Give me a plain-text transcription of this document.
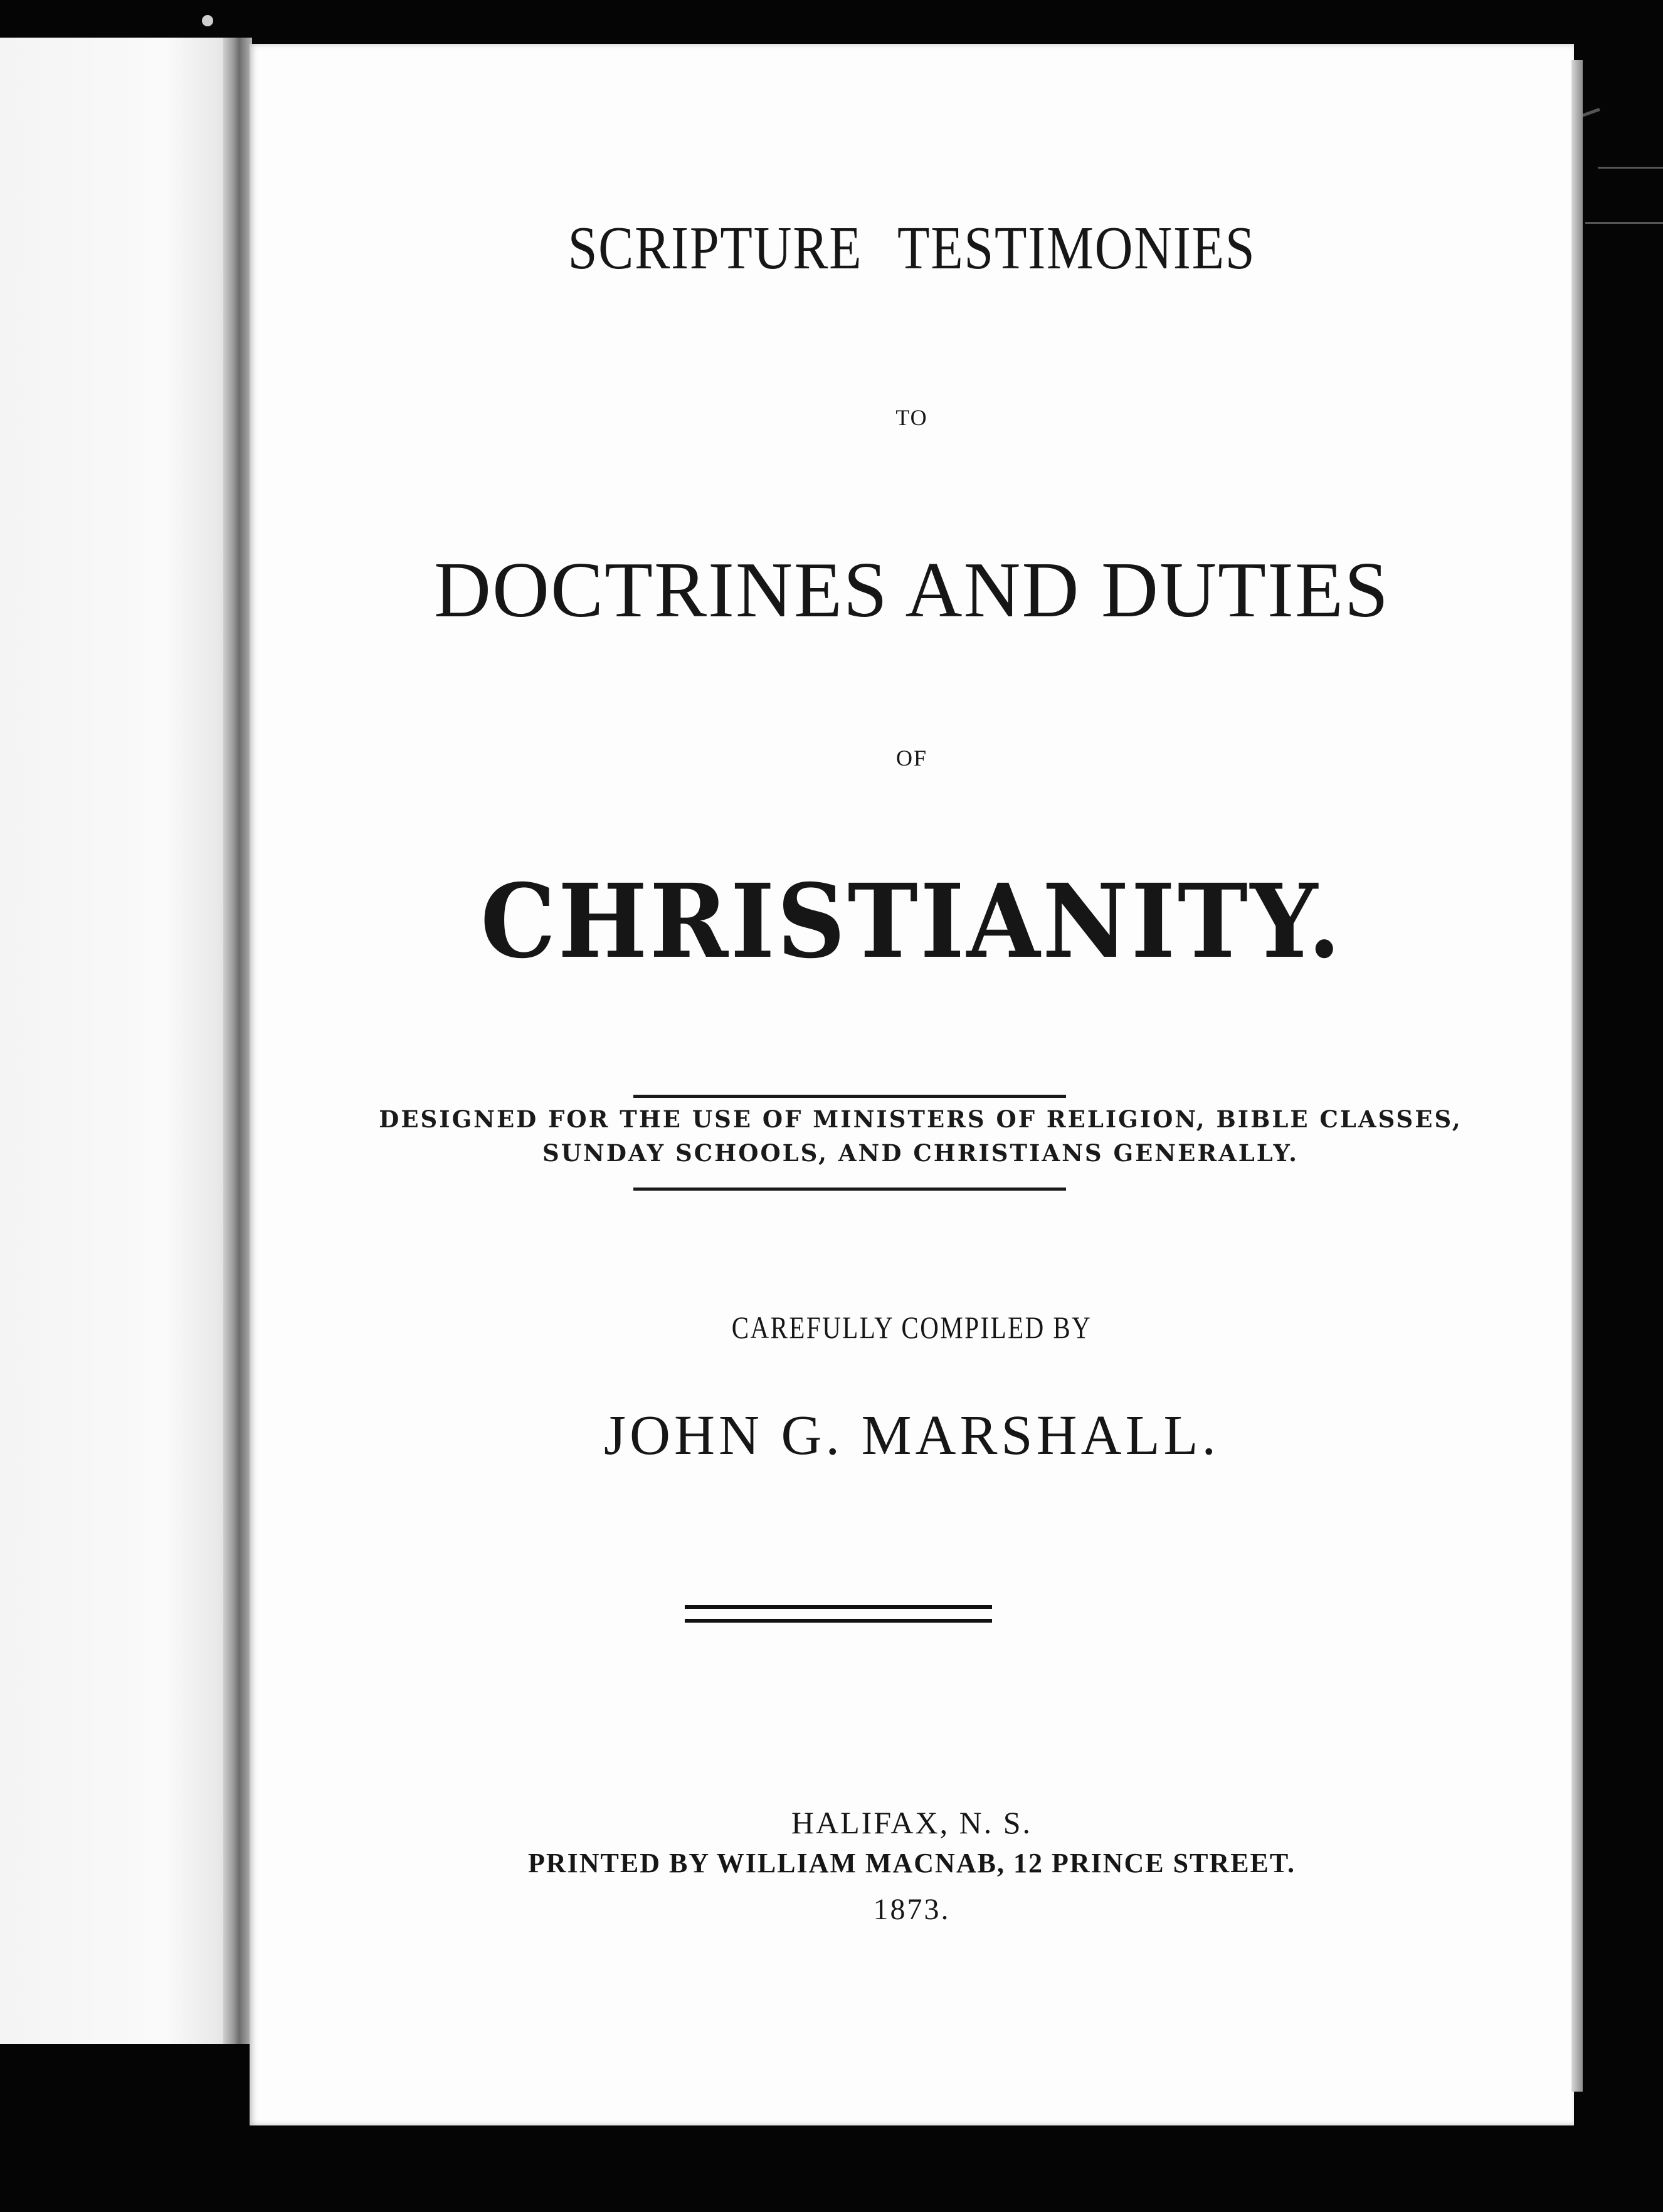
SCRIPTURE TESTIMONIES
TO
DOCTRINES AND DUTIES
OF
CHRISTIANITY.
DESIGNED FOR THE USE OF MINISTERS OF RELIGION, BIBLE CLASSES,
SUNDAY SCHOOLS, AND CHRISTIANS GENERALLY.
CAREFULLY COMPILED BY
JOHN G. MARSHALL.
HALIFAX, N. S.
PRINTED BY WILLIAM MACNAB, 12 PRINCE STREET.
1873.
